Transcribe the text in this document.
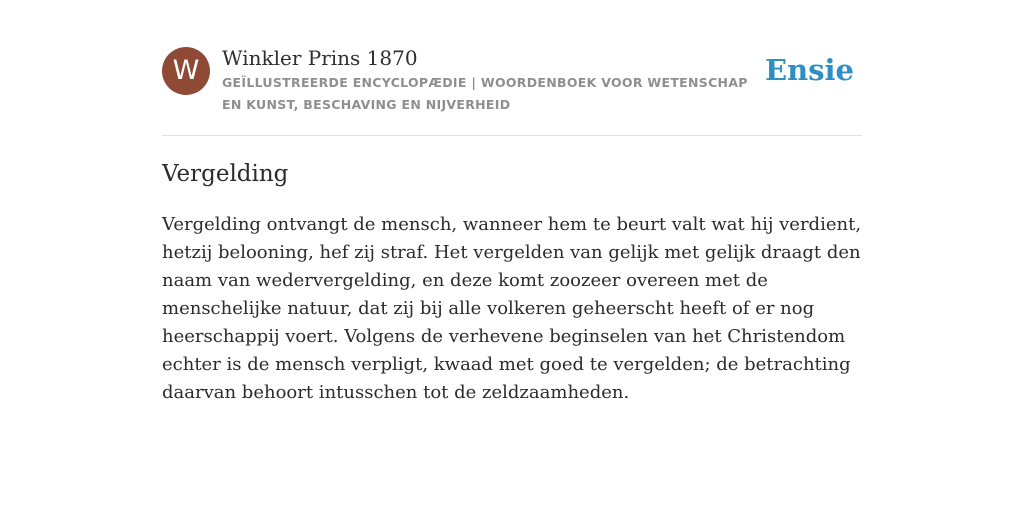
W	Winkler Prins 1870

GEÏLLUSTREERDE ENCYCLOPÆDIE | WOORDENBOEK VOOR WETENSCHAP EN KUNST, BESCHAVING EN NIJVERHEID

Ensie
Vergelding

Vergelding ontvangt de mensch, wanneer hem te beurt valt wat hij verdient, hetzij belooning, hef zij straf. Het vergelden van gelijk met gelijk draagt den naam van wedervergelding, en deze komt zoozeer overeen met de menschelijke natuur, dat zij bij alle volkeren geheerscht heeft of er nog heerschappij voert. Volgens de verhevene beginselen van het Christendom echter is de mensch verpligt, kwaad met goed te vergelden; de betrachting daarvan behoort intusschen tot de zeldzaamheden.
